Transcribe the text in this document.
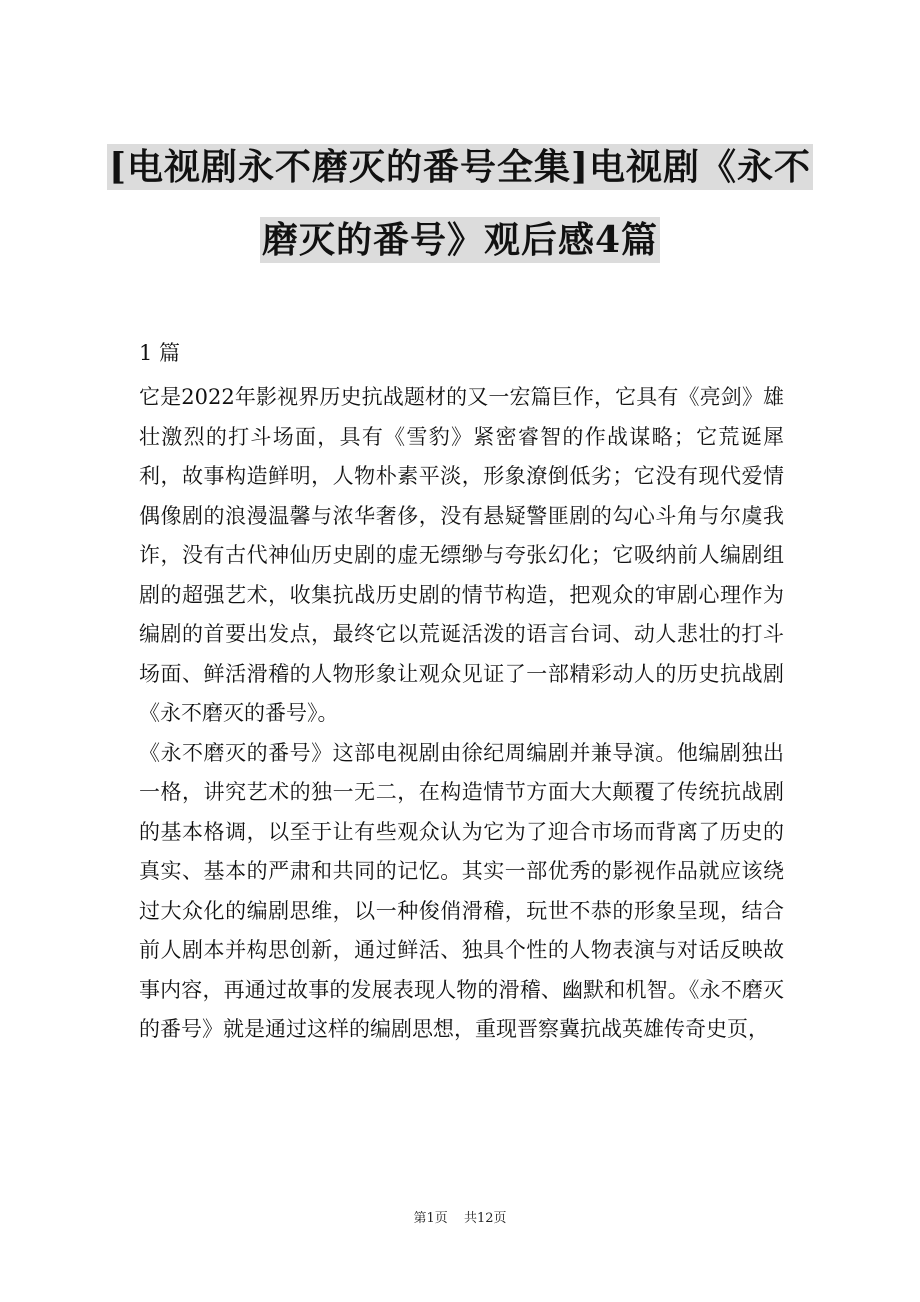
[电视剧永不磨灭的番号全集]电视剧《永不
磨灭的番号》观后感4篇
1 篇

它是2022年影视界历史抗战题材的又一宏篇巨作，它具有《亮剑》雄壮激烈的打斗场面，具有《雪豹》紧密睿智的作战谋略；它荒诞犀利，故事构造鲜明，人物朴素平淡，形象潦倒低劣；它没有现代爱情偶像剧的浪漫温馨与浓华奢侈，没有悬疑警匪剧的勾心斗角与尔虞我诈，没有古代神仙历史剧的虚无缥缈与夸张幻化；它吸纳前人编剧组剧的超强艺术，收集抗战历史剧的情节构造，把观众的审剧心理作为编剧的首要出发点，最终它以荒诞活泼的语言台词、动人悲壮的打斗场面、鲜活滑稽的人物形象让观众见证了一部精彩动人的历史抗战剧《永不磨灭的番号》。

《永不磨灭的番号》这部电视剧由徐纪周编剧并兼导演。他编剧独出一格，讲究艺术的独一无二，在构造情节方面大大颠覆了传统抗战剧的基本格调，以至于让有些观众认为它为了迎合市场而背离了历史的真实、基本的严肃和共同的记忆。其实一部优秀的影视作品就应该绕过大众化的编剧思维，以一种俊俏滑稽，玩世不恭的形象呈现，结合前人剧本并构思创新，通过鲜活、独具个性的人物表演与对话反映故事内容，再通过故事的发展表现人物的滑稽、幽默和机智。《永不磨灭的番号》就是通过这样的编剧思想，重现晋察冀抗战英雄传奇史页，

第1页 共12页
